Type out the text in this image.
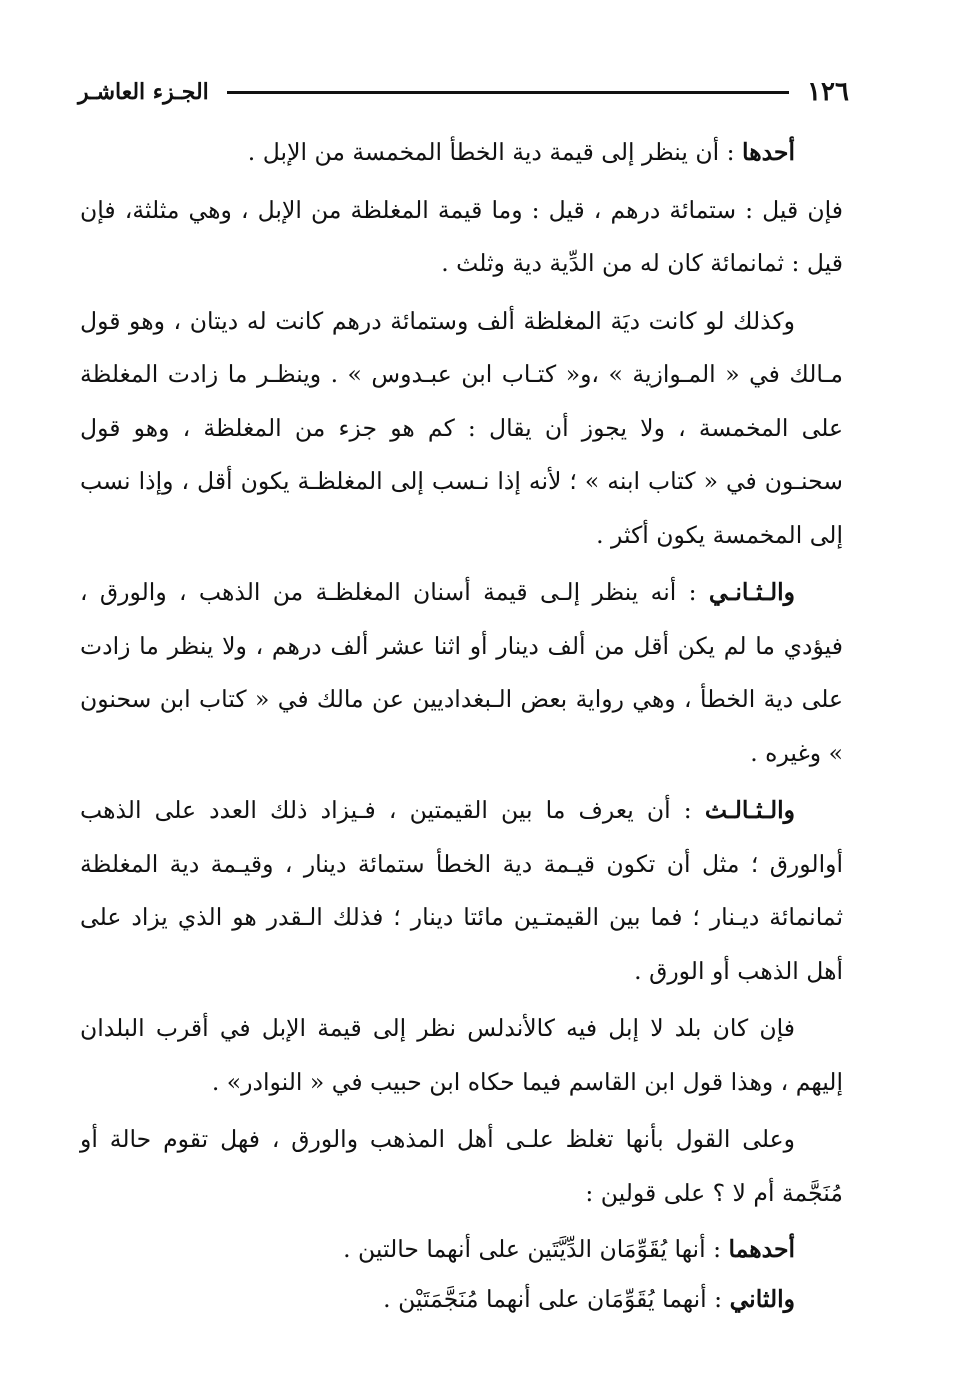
١٢٦
الجـزء العاشـر

أحدها : أن ينظر إلى قيمة دية الخطأ المخمسة من الإبل .

فإن قيل : ستمائة درهم ، قيل : وما قيمة المغلظة من الإبل ، وهي مثلثة، فإن قيل : ثمانمائة كان له من الدِّية دية وثلث .

وكذلك لو كانت ديَة المغلظة ألف وستمائة درهم كانت له ديتان ، وهو قول مـالك في « المـوازية » ،و« كتـاب ابن عبـدوس » . وينظـر ما زادت المغلظة على المخمسة ، ولا يجوز أن يقال : كم هو جزء من المغلظة ، وهو قول سحنـون في « كتاب ابنه » ؛ لأنه إذا نـسب إلى المغلظـة يكون أقل ، وإذا نسب إلى المخمسة يكون أكثر .

والـثـانـي : أنه ينظر إلـى قيمة أسنان المغلظـة من الذهب ، والورق ، فيؤدي ما لم يكن أقل من ألف دينار أو اثنا عشر ألف درهم ، ولا ينظر ما زادت على دية الخطأ ، وهي رواية بعض الـبغداديين عن مالك في « كتاب ابن سحنون » وغيره .

والـثـالـث : أن يعرف ما بين القيمتين ، فـيزاد ذلك العدد على الذهب أوالورق ؛ مثل أن تكون قيـمة دية الخطأ ستمائة دينار ، وقيـمة دية المغلظة ثمانمائة ديـنار ؛ فما بين القيمتـين مائتا دينار ؛ فذلك الـقدر هو الذي يزاد على أهل الذهب أو الورق .

فإن كان بلد لا إبل فيه كالأندلس نظر إلى قيمة الإبل في أقرب البلدان إليهم ، وهذا قول ابن القاسم فيما حكاه ابن حبيب في « النوادر» .

وعلى القول بأنها تغلظ علـى أهل المذهب والورق ، فهل تقوم حالة أو مُنَجَّمة أم لا ؟ على قولين :

أحدهما : أنها يُقَوِّمَان الدِّيَّتَين على أنهما حالتين .

والثاني : أنهما يُقَوِّمَان على أنهما مُنَجَّمَتَيْن .
